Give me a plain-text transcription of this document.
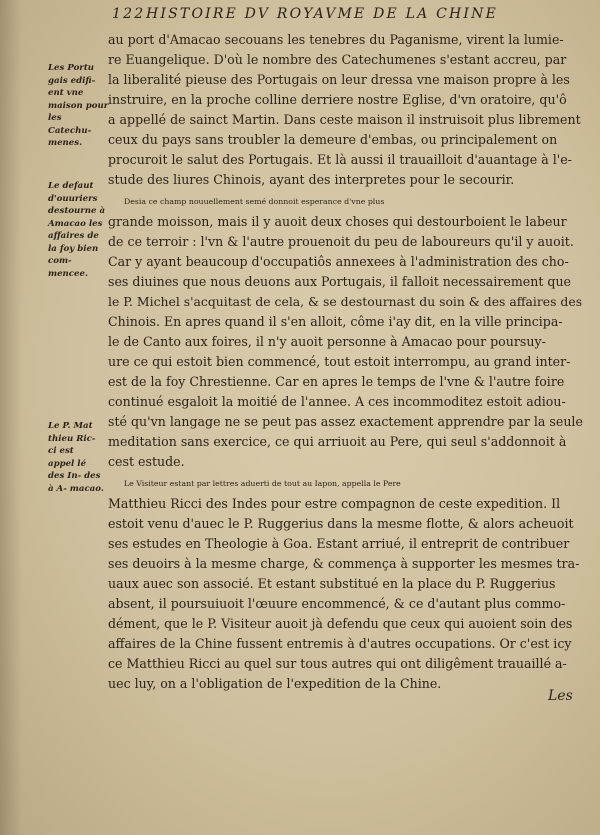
122 HISTOIRE DV ROYAVME DE LA CHINE
au port d'Amacao secouans les tenebres du Paganisme, virent la lumie-
re Euangelique. D'où le nombre des Catechumenes s'estant accreu, par
la liberalité pieuse des Portugais on leur dressa vne maison propre à les
instruire, en la proche colline derriere nostre Eglise, d'vn oratoire, qu'ô
a appellé de sainct Martin. Dans ceste maison il instruisoit plus librement
ceux du pays sans troubler la demeure d'embas, ou principalement on
procuroit le salut des Portugais. Et là aussi il trauailloit d'auantage à l'e-
stude des liures Chinois, ayant des interpretes pour le secourir.
Desia ce champ nouuellement semé donnoit esperance d'vne plus
grande moisson, mais il y auoit deux choses qui destourboient le labeur
de ce terroir : l'vn & l'autre prouenoit du peu de laboureurs qu'il y auoit.
Car y ayant beaucoup d'occupatiôs annexees à l'administration des cho-
ses diuines que nous deuons aux Portugais, il falloit necessairement que
le P. Michel s'acquitast de cela, & se destournast du soin & des affaires des
Chinois. En apres quand il s'en alloit, côme i'ay dit, en la ville principa-
le de Canto aux foires, il n'y auoit personne à Amacao pour poursuy-
ure ce qui estoit bien commencé, tout estoit interrompu, au grand inter-
est de la foy Chrestienne. Car en apres le temps de l'vne & l'autre foire
continué esgaloit la moitié de l'annee. A ces incommoditez estoit adiou-
sté qu'vn langage ne se peut pas assez exactement apprendre par la seule
meditation sans exercice, ce qui arriuoit au Pere, qui seul s'addonnoit à
cest estude.
Le Visiteur estant par lettres aduerti de tout au Iapon, appella le Pere
Matthieu Ricci des Indes pour estre compagnon de ceste expedition. Il
estoit venu d'auec le P. Ruggerius dans la mesme flotte, & alors acheuoit
ses estudes en Theologie à Goa. Estant arriué, il entreprit de contribuer
ses deuoirs à la mesme charge, & commença à supporter les mesmes tra-
uaux auec son associé. Et estant substitué en la place du P. Ruggerius
absent, il poursuiuoit l'œuure encommencé, & ce d'autant plus commo-
dément, que le P. Visiteur auoit jà defendu que ceux qui auoient soin des
affaires de la Chine fussent entremis à d'autres occupations. Or c'est icy
ce Matthieu Ricci au quel sur tous autres qui ont diligêment trauaillé a-
uec luy, on a l'obligation de l'expedition de la Chine.
Les Portu
gais edifi-
ent vne
maison pour
les
Catechu-
menes.
Le defaut
d'ouuriers
destourne à
Amacao les
affaires de
la foy bien
com-
mencee.
Le P. Mat
thieu Ric-
ci est
appel lé
des In- des
à A- macao.
Les
